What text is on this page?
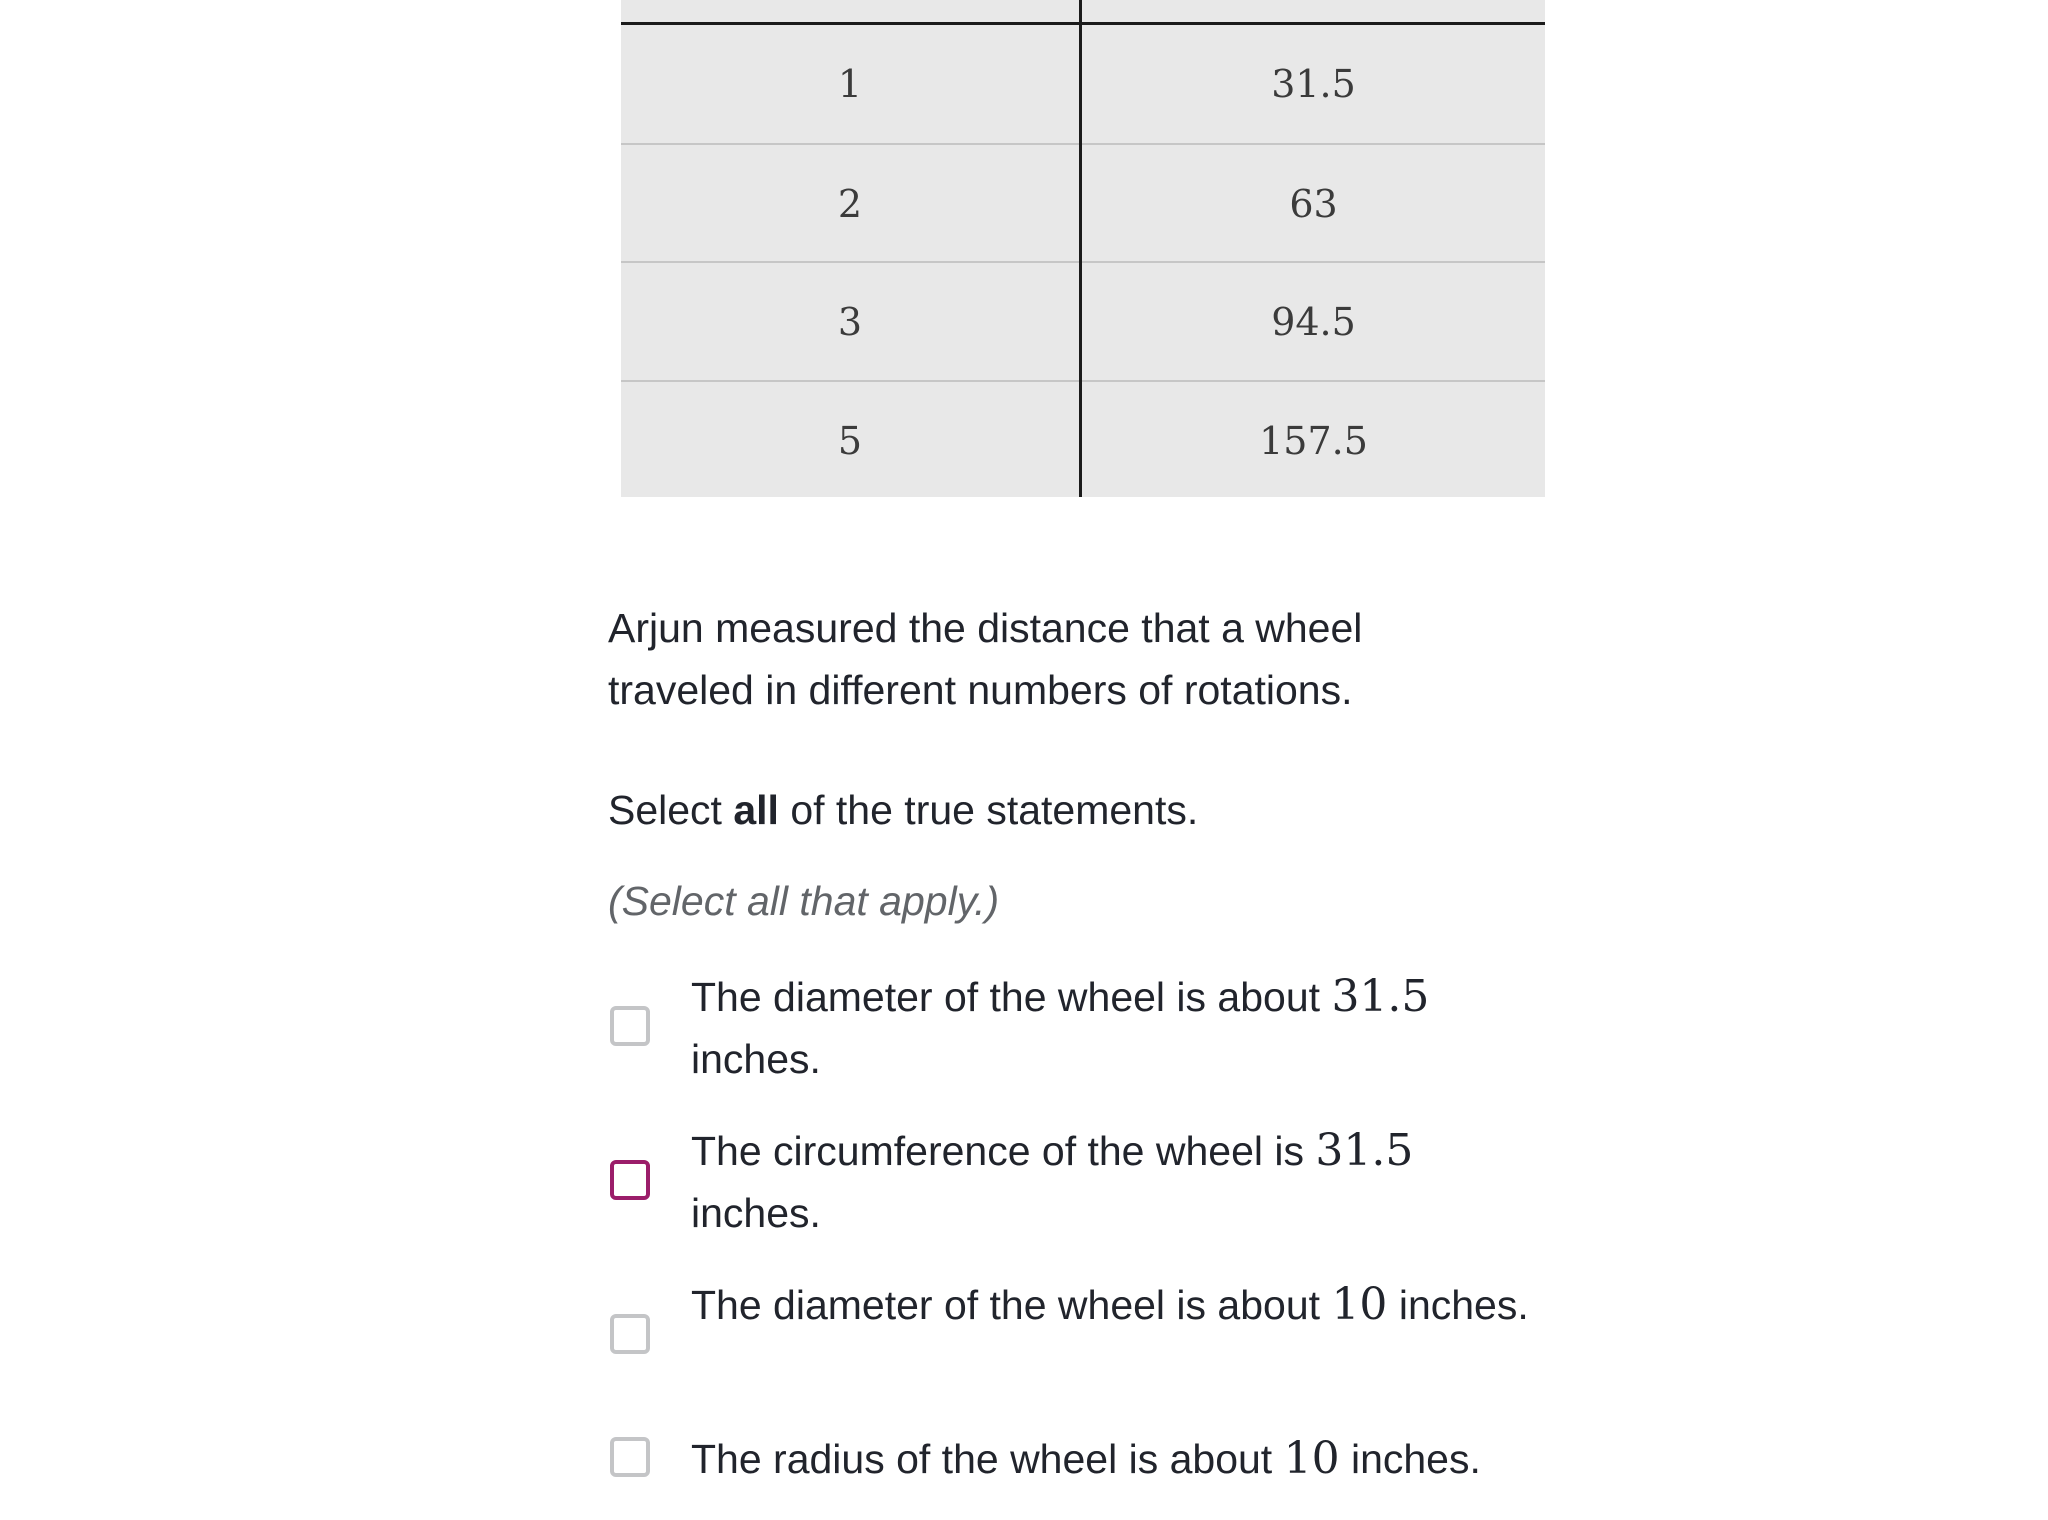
1	31.5
2	63
3	94.5
5	157.5
Arjun measured the distance that a wheel traveled in different numbers of rotations.
Select all of the true statements.
(Select all that apply.)
The diameter of the wheel is about 31.5 inches.
The circumference of the wheel is 31.5 inches.
The diameter of the wheel is about 10 inches.
The radius of the wheel is about 10 inches.
